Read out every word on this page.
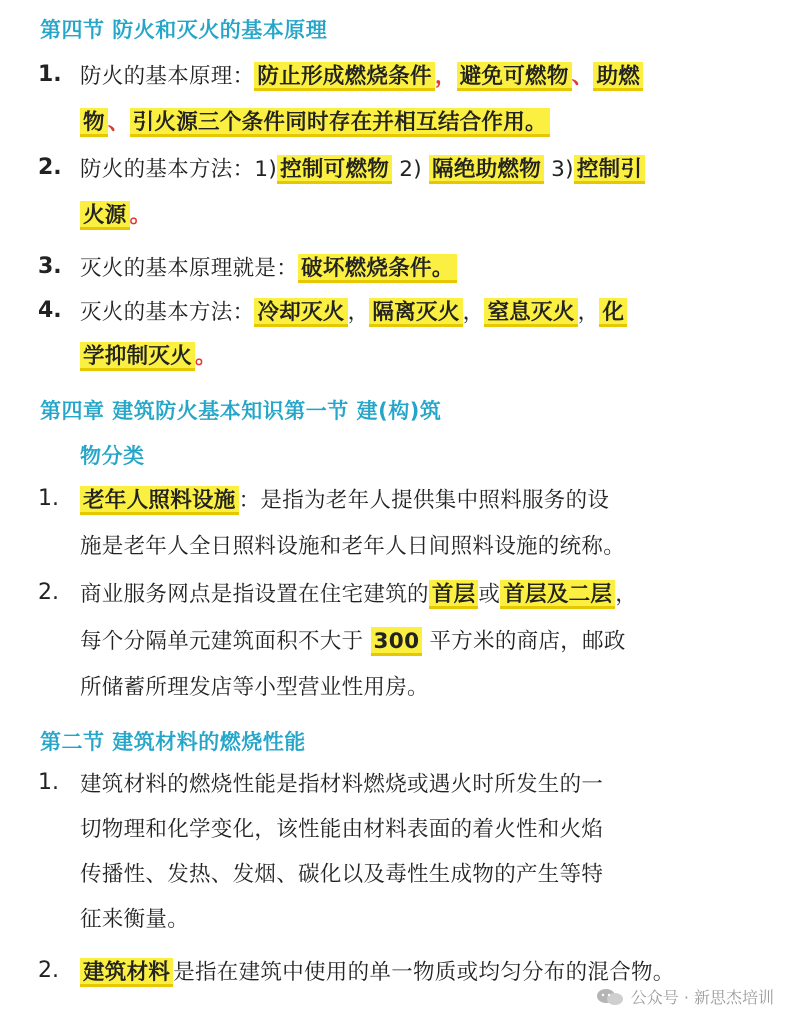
第四节 防火和灭火的基本原理
1. 防火的基本原理： 防止形成燃烧条件 ， 避免可燃物 、 助燃
物 、 引火源三个条件同时存在并相互结合作用。
2. 防火的基本方法：1) 控制可燃物 2) 隔绝助燃物 3) 控制引
火源 。
3. 灭火的基本原理就是： 破坏燃烧条件。
4. 灭火的基本方法： 冷却灭火 ， 隔离灭火 ， 窒息灭火 ， 化
学抑制灭火 。
第四章 建筑防火基本知识第一节 建(构)筑
物分类
1. 老年人照料设施 ：是指为老年人提供集中照料服务的设
施是老年人全日照料设施和老年人日间照料设施的统称。
2. 商业服务网点是指设置在住宅建筑的 首层 或 首层及二层 ，
每个分隔单元建筑面积不大于 300 平方米的商店，邮政
所储蓄所理发店等小型营业性用房。
第二节 建筑材料的燃烧性能
1. 建筑材料的燃烧性能是指材料燃烧或遇火时所发生的一
切物理和化学变化，该性能由材料表面的着火性和火焰
传播性、发热、发烟、碳化以及毒性生成物的产生等特
征来衡量。
2. 建筑材料 是指在建筑中使用的单一物质或均匀分布的混合物。
公众号 · 新思杰培训
